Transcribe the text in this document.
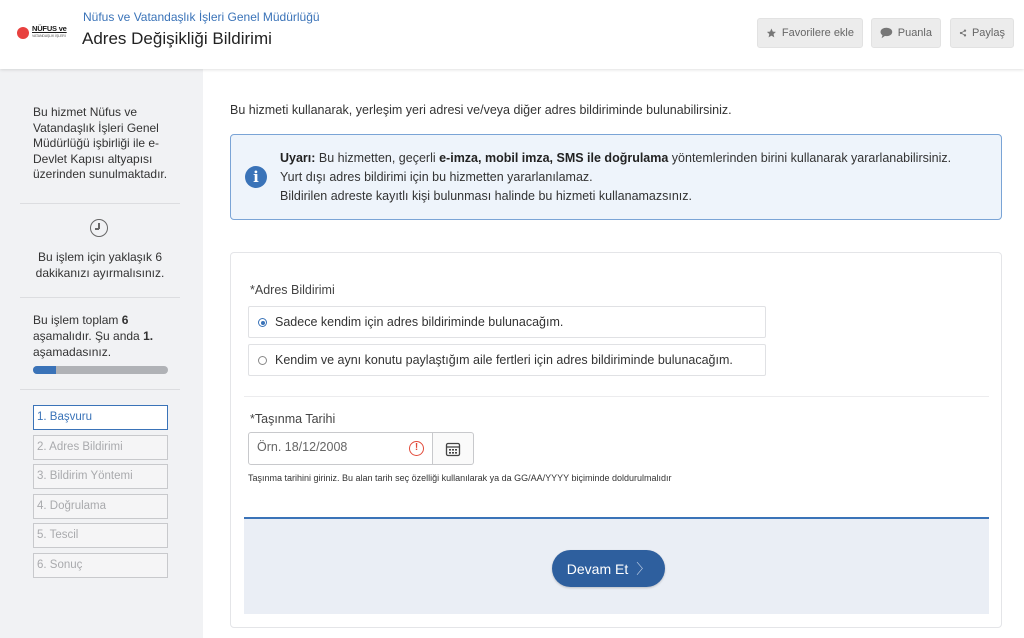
NÜFUS ve
VATANDAŞLIK İŞLERİ
Nüfus ve Vatandaşlık İşleri Genel Müdürlüğü
Adres Değişikliği Bildirimi	Favorilere ekle	Puanla	Paylaş
Bu hizmet Nüfus ve Vatandaşlık İşleri Genel Müdürlüğü işbirliği ile e-Devlet Kapısı altyapısı üzerinden sunulmaktadır.
Bu işlem için yaklaşık 6 dakikanızı ayırmalısınız.
Bu işlem toplam 6 aşamalıdır. Şu anda 1. aşamadasınız.
1. Başvuru
2. Adres Bildirimi
3. Bildirim Yöntemi
4. Doğrulama
5. Tescil
6. Sonuç
Bu hizmeti kullanarak, yerleşim yeri adresi ve/veya diğer adres bildiriminde bulunabilirsiniz.
i
Uyarı: Bu hizmetten, geçerli e-imza, mobil imza, SMS ile doğrulama yöntemlerinden birini kullanarak yararlanabilirsiniz.
Yurt dışı adres bildirimi için bu hizmetten yararlanılamaz.
Bildirilen adreste kayıtlı kişi bulunması halinde bu hizmeti kullanamazsınız.
*Adres Bildirimi
Sadece kendim için adres bildiriminde bulunacağım.
Kendim ve aynı konutu paylaştığım aile fertleri için adres bildiriminde bulunacağım.
*Taşınma Tarihi
Örn. 18/12/2008
!
Taşınma tarihini giriniz. Bu alan tarih seç özelliği kullanılarak ya da GG/AA/YYYY biçiminde doldurulmalıdır
Devam Et 〉
